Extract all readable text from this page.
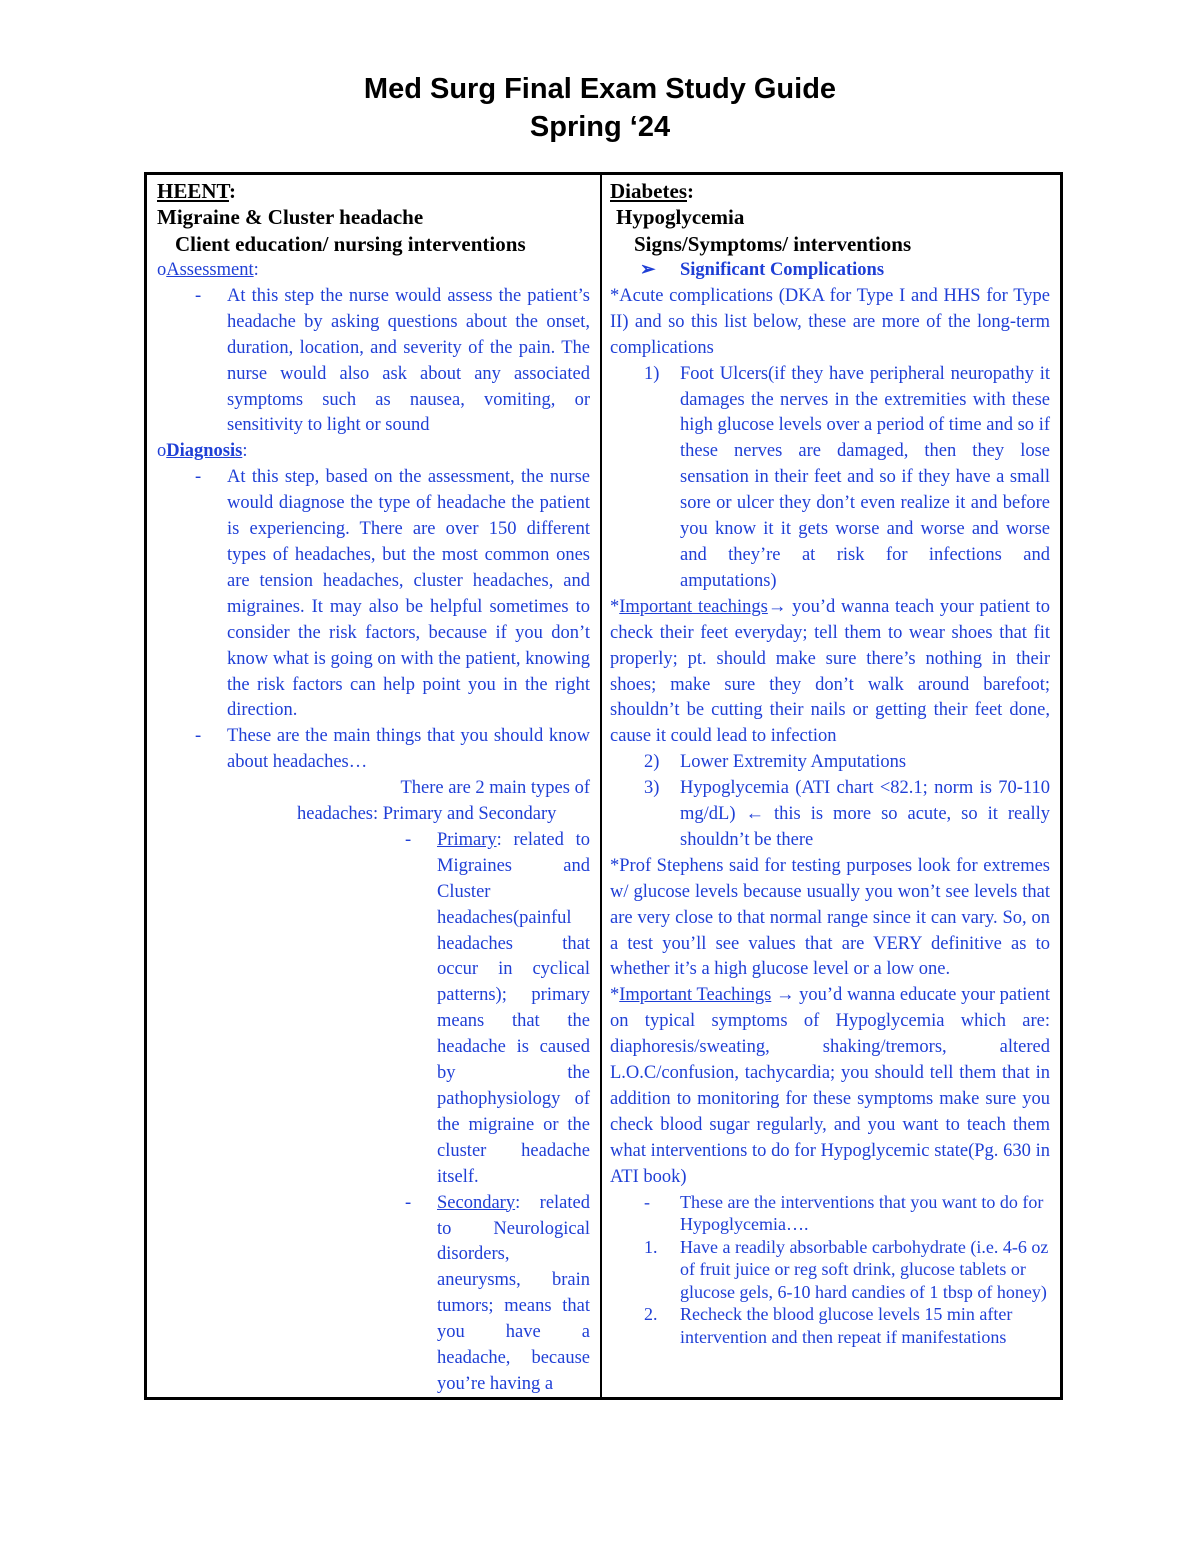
Med Surg Final Exam Study Guide
Spring ‘24
HEENT:
Migraine & Cluster headache
Client education/ nursing interventions
oAssessment:
-	At this step the nurse would assess the patient’s headache by asking questions about the onset, duration, location, and severity of the pain. The nurse would also ask about any associated symptoms such as nausea, vomiting, or sensitivity to light or sound
oDiagnosis:
-	At this step, based on the assessment, the nurse would diagnose the type of headache the patient is experiencing. There are over 150 different types of headaches, but the most common ones are tension headaches, cluster headaches, and migraines. It may also be helpful sometimes to consider the risk factors, because if you don’t know what is going on with the patient, knowing the risk factors can help point you in the right direction.
-	These are the main things that you should know about headaches…
There are 2 main types of
headaches: Primary and Secondary
-	Primary: related to Migraines and Cluster headaches(painful headaches that occur in cyclical patterns); primary means that the headache is caused by the pathophysiology of the migraine or the cluster headache itself.
-	Secondary: related to Neurological disorders, aneurysms, brain tumors; means that you have a headache, because you’re having a
Diabetes:
Hypoglycemia
Signs/Symptoms/ interventions
➢	Significant Complications
*Acute complications (DKA for Type I and HHS for Type II) and so this list below, these are more of the long-term complications
1)	Foot Ulcers(if they have peripheral neuropathy it damages the nerves in the extremities with these high glucose levels over a period of time and so if these nerves are damaged, then they lose sensation in their feet and so if they have a small sore or ulcer they don’t even realize it and before you know it it gets worse and worse and worse and they’re at risk for infections and amputations)
*Important teachings→ you’d wanna teach your patient to check their feet everyday; tell them to wear shoes that fit properly; pt. should make sure there’s nothing in their shoes; make sure they don’t walk around barefoot; shouldn’t be cutting their nails or getting their feet done, cause it could lead to infection
2)	Lower Extremity Amputations
3)	Hypoglycemia (ATI chart <82.1; norm is 70-110 mg/dL) ← this is more so acute, so it really shouldn’t be there
*Prof Stephens said for testing purposes look for extremes w/ glucose levels because usually you won’t see levels that are very close to that normal range since it can vary. So, on a test you’ll see values that are VERY definitive as to whether it’s a high glucose level or a low one.
*Important Teachings → you’d wanna educate your patient on typical symptoms of Hypoglycemia which are: diaphoresis/sweating, shaking/tremors, altered L.O.C/confusion, tachycardia; you should tell them that in addition to monitoring for these symptoms make sure you check blood sugar regularly, and you want to teach them what interventions to do for Hypoglycemic state(Pg. 630 in ATI book)
-	These are the interventions that you want to do for Hypoglycemia….
1.	Have a readily absorbable carbohydrate (i.e. 4-6 oz of fruit juice or reg soft drink, glucose tablets or glucose gels, 6-10 hard candies of 1 tbsp of honey)
2.	Recheck the blood glucose levels 15 min after intervention and then repeat if manifestations
